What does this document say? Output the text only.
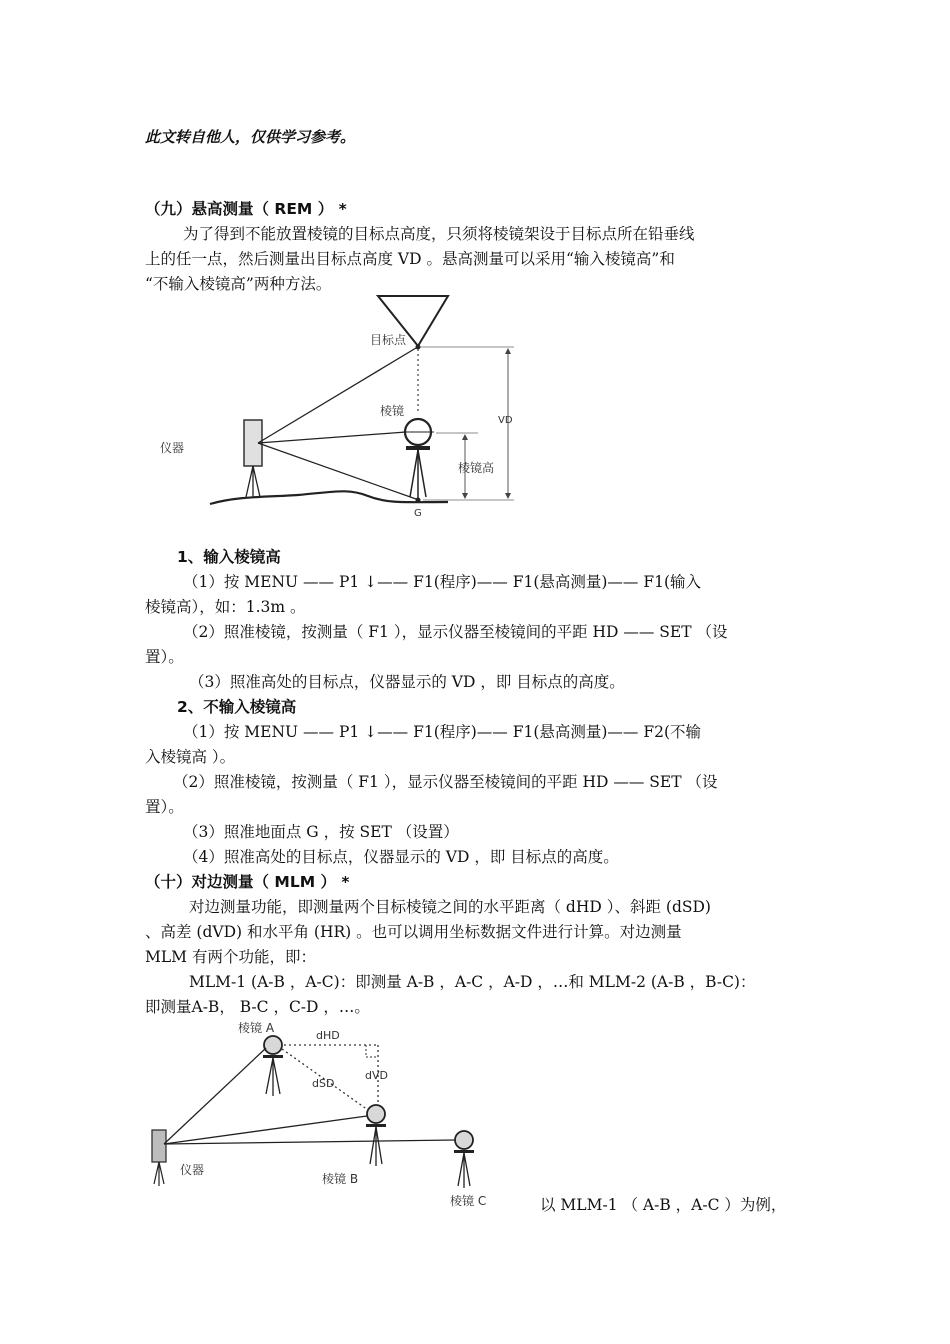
此文转自他人，仅供学习参考。
（九）悬高测量（ REM ） *
为了得到不能放置棱镜的目标点高度，只须将棱镜架设于目标点所在铅垂线
上的任一点，然后测量出目标点高度 VD 。悬高测量可以采用“输入棱镜高”和
“不输入棱镜高”两种方法。
目标点
VD
棱镜高
棱镜
G
仪器
1、输入棱镜高
（1）按 MENU —— P1 ↓—— F1(程序)—— F1(悬高测量)—— F1(输入
棱镜高），如：1.3m 。
（2）照准棱镜，按测量（ F1 ），显示仪器至棱镜间的平距 HD —— SET （设
置）。
（3）照准高处的目标点，仪器显示的 VD ，即 目标点的高度。
2、不输入棱镜高
（1）按 MENU —— P1 ↓—— F1(程序)—— F1(悬高测量)—— F2(不输
入棱镜高 ）。
（2）照准棱镜，按测量（ F1 ），显示仪器至棱镜间的平距 HD —— SET （设
置）。
（3）照准地面点 G ，按 SET （设置）
（4）照准高处的目标点，仪器显示的 VD ，即 目标点的高度。
（十）对边测量（ MLM ） *
对边测量功能，即测量两个目标棱镜之间的水平距离（ dHD ）、斜距 (dSD)
、高差 (dVD) 和水平角 (HR) 。也可以调用坐标数据文件进行计算。对边测量
MLM 有两个功能，即：
MLM-1 (A-B ，A-C)：即测量 A-B ，A-C ，A-D ，…和 MLM-2 (A-B ，B-C)：
即测量A-B， B-C ，C-D ，…。
棱镜 A
dHD
dVD
dSD
棱镜 B
棱镜 C
仪器
以 MLM-1 （ A-B ，A-C ）为例，
